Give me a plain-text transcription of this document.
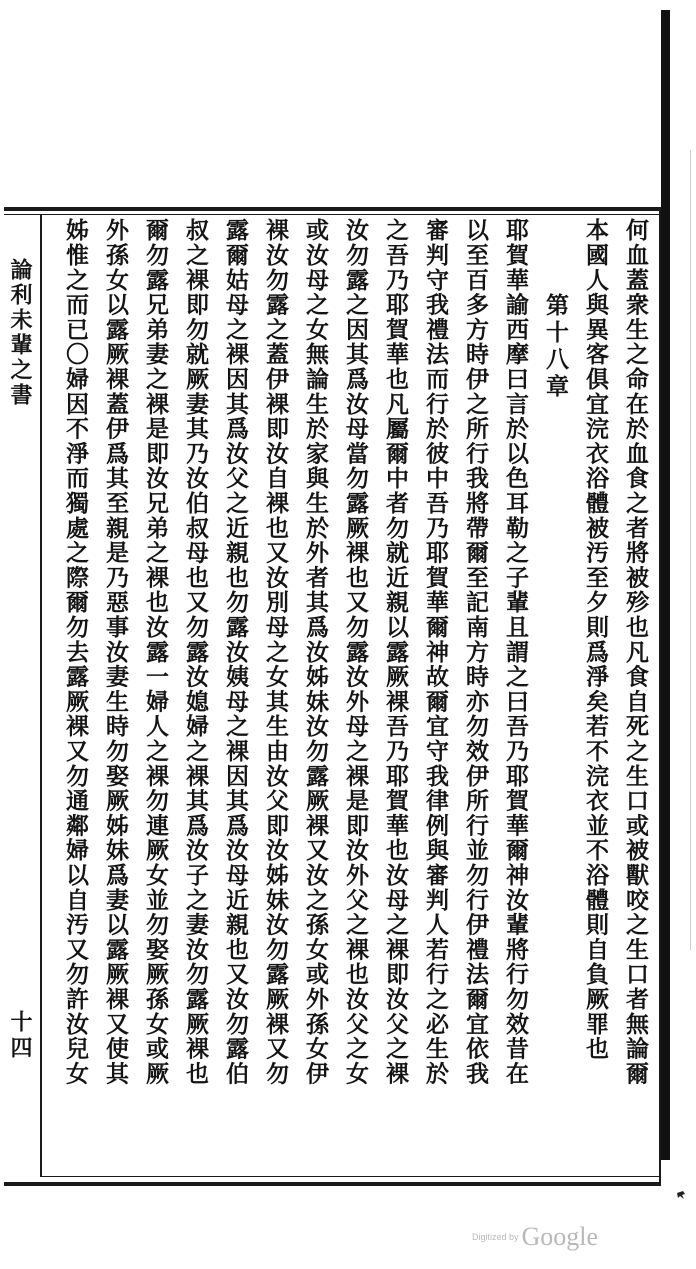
何血蓋衆生之命在於血食之者將被殄也凡食自死之生口或被獸咬之生口者無論爾
本國人與異客俱宜浣衣浴體被汚至夕則爲淨矣若不浣衣並不浴體則自負厥罪也
第十八章
耶賀華諭西摩曰言於以色耳勒之子輩且謂之曰吾乃耶賀華爾神汝輩將行勿效昔在
以至百多方時伊之所行我將帶爾至記南方時亦勿效伊所行並勿行伊禮法爾宜依我
審判守我禮法而行於彼中吾乃耶賀華爾神故爾宜守我律例與審判人若行之必生於
之吾乃耶賀華也凡屬爾中者勿就近親以露厥裸吾乃耶賀華也汝母之裸即汝父之裸
汝勿露之因其爲汝母當勿露厥裸也又勿露汝外母之裸是即汝外父之裸也汝父之女
或汝母之女無論生於家與生於外者其爲汝姊妹汝勿露厥裸又汝之孫女或外孫女伊
裸汝勿露之蓋伊裸即汝自裸也又汝別母之女其生由汝父即汝姊妹汝勿露厥裸又勿
露爾姑母之裸因其爲汝父之近親也勿露汝姨母之裸因其爲汝母近親也又汝勿露伯
叔之裸即勿就厥妻其乃汝伯叔母也又勿露汝媳婦之裸其爲汝子之妻汝勿露厥裸也
爾勿露兄弟妻之裸是即汝兄弟之裸也汝露一婦人之裸勿連厥女並勿娶厥孫女或厥
外孫女以露厥裸蓋伊爲其至親是乃惡事汝妻生時勿娶厥姊妹爲妻以露厥裸又使其
姊惟之而已〇婦因不淨而獨處之際爾勿去露厥裸又勿通鄰婦以自汚又勿許汝兒女
論利未輩之書
十四
Digitized by Google
